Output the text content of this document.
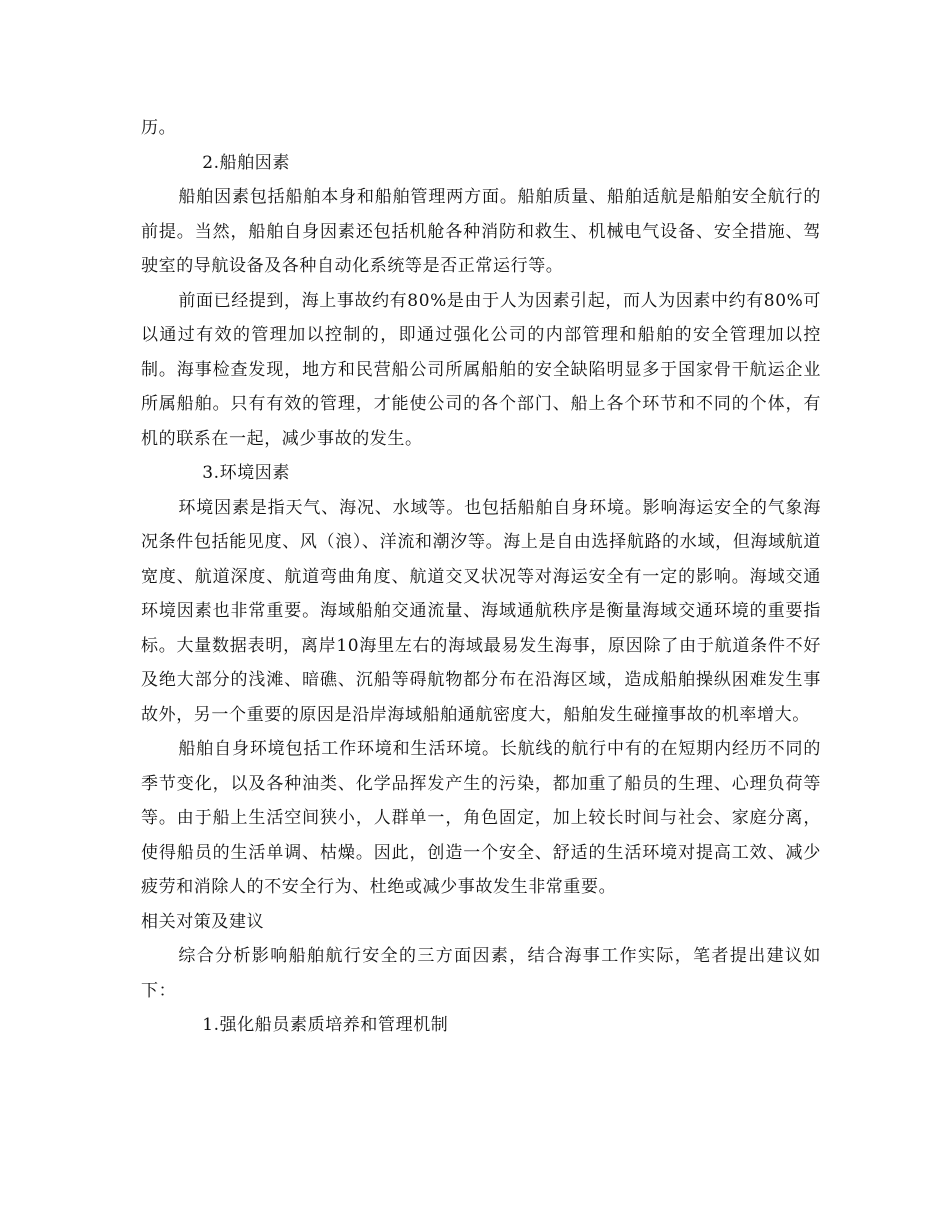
历。

2.船舶因素

船舶因素包括船舶本身和船舶管理两方面。船舶质量、船舶适航是船舶安全航行的前提。当然，船舶自身因素还包括机舱各种消防和救生、机械电气设备、安全措施、驾驶室的导航设备及各种自动化系统等是否正常运行等。

前面已经提到，海上事故约有80%是由于人为因素引起，而人为因素中约有80%可以通过有效的管理加以控制的，即通过强化公司的内部管理和船舶的安全管理加以控制。海事检查发现，地方和民营船公司所属船舶的安全缺陷明显多于国家骨干航运企业所属船舶。只有有效的管理，才能使公司的各个部门、船上各个环节和不同的个体，有机的联系在一起，减少事故的发生。

3.环境因素

环境因素是指天气、海况、水域等。也包括船舶自身环境。影响海运安全的气象海况条件包括能见度、风（浪）、洋流和潮汐等。海上是自由选择航路的水域，但海域航道宽度、航道深度、航道弯曲角度、航道交叉状况等对海运安全有一定的影响。海域交通环境因素也非常重要。海域船舶交通流量、海域通航秩序是衡量海域交通环境的重要指标。大量数据表明，离岸10海里左右的海域最易发生海事，原因除了由于航道条件不好及绝大部分的浅滩、暗礁、沉船等碍航物都分布在沿海区域，造成船舶操纵困难发生事故外，另一个重要的原因是沿岸海域船舶通航密度大，船舶发生碰撞事故的机率增大。

船舶自身环境包括工作环境和生活环境。长航线的航行中有的在短期内经历不同的季节变化，以及各种油类、化学品挥发产生的污染，都加重了船员的生理、心理负荷等等。由于船上生活空间狭小，人群单一，角色固定，加上较长时间与社会、家庭分离，使得船员的生活单调、枯燥。因此，创造一个安全、舒适的生活环境对提高工效、减少疲劳和消除人的不安全行为、杜绝或减少事故发生非常重要。

相关对策及建议

综合分析影响船舶航行安全的三方面因素，结合海事工作实际，笔者提出建议如下：

1.强化船员素质培养和管理机制
